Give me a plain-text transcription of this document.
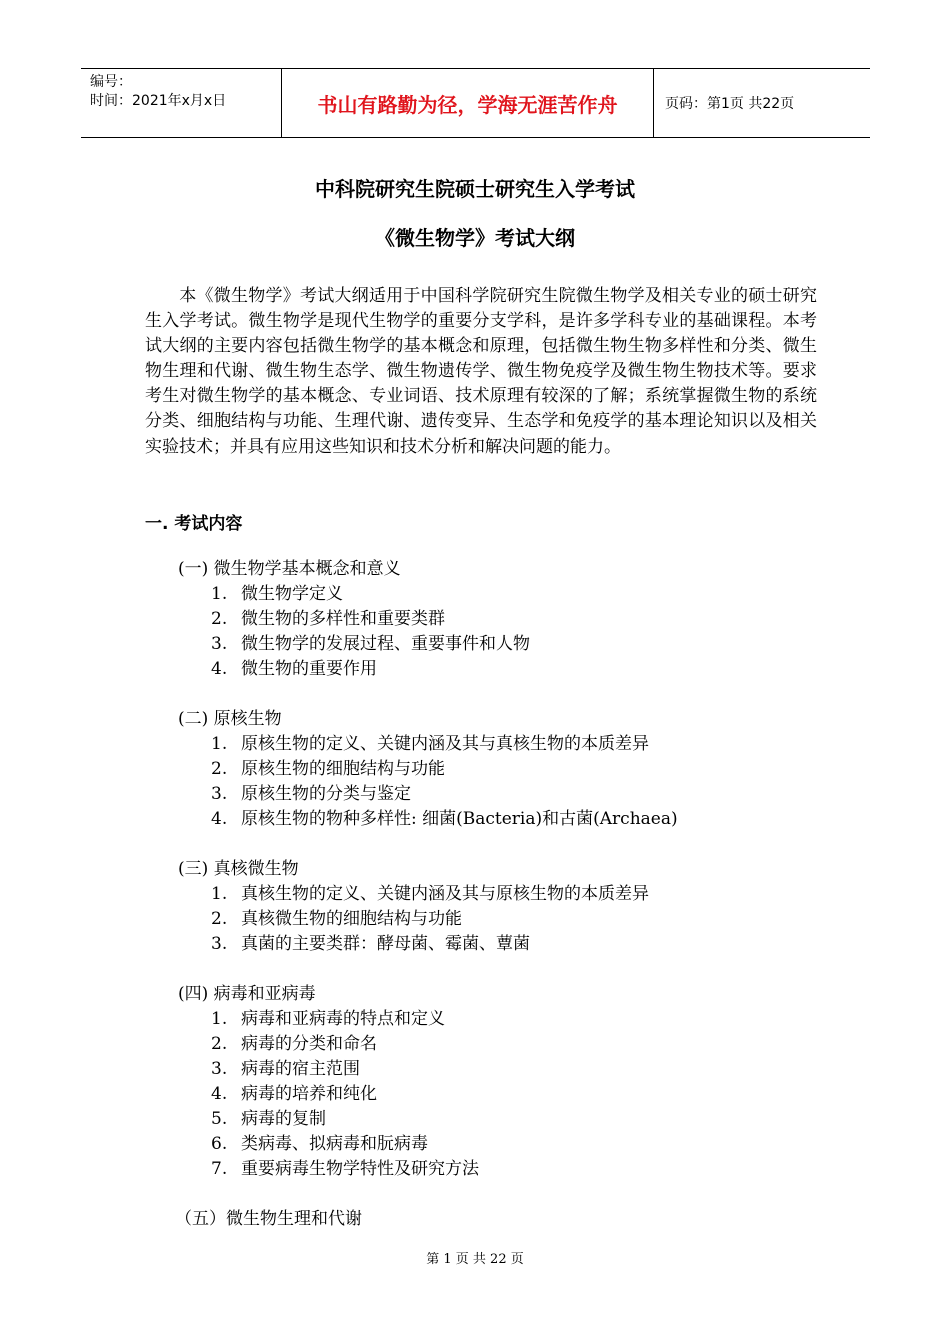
编号：
时间：2021年x月x日	书山有路勤为径，学海无涯苦作舟	页码：第1页 共22页
中科院研究生院硕士研究生入学考试
《微生物学》考试大纲
本《微生物学》考试大纲适用于中国科学院研究生院微生物学及相关专业的硕士研究生入学考试。微生物学是现代生物学的重要分支学科，是许多学科专业的基础课程。本考试大纲的主要内容包括微生物学的基本概念和原理，包括微生物生物多样性和分类、微生物生理和代谢、微生物生态学、微生物遗传学、微生物免疫学及微生物生物技术等。要求考生对微生物学的基本概念、专业词语、技术原理有较深的了解；系统掌握微生物的系统分类、细胞结构与功能、生理代谢、遗传变异、生态学和免疫学的基本理论知识以及相关实验技术；并具有应用这些知识和技术分析和解决问题的能力。
一. 考试内容
(一) 微生物学基本概念和意义
1. 微生物学定义
2. 微生物的多样性和重要类群
3. 微生物学的发展过程、重要事件和人物
4. 微生物的重要作用
(二) 原核生物
1. 原核生物的定义、关键内涵及其与真核生物的本质差异
2. 原核生物的细胞结构与功能
3. 原核生物的分类与鉴定
4. 原核生物的物种多样性: 细菌(Bacteria)和古菌(Archaea)
(三) 真核微生物
1. 真核生物的定义、关键内涵及其与原核生物的本质差异
2. 真核微生物的细胞结构与功能
3. 真菌的主要类群：酵母菌、霉菌、蕈菌
(四) 病毒和亚病毒
1. 病毒和亚病毒的特点和定义
2. 病毒的分类和命名
3. 病毒的宿主范围
4. 病毒的培养和纯化
5. 病毒的复制
6. 类病毒、拟病毒和朊病毒
7. 重要病毒生物学特性及研究方法
（五）微生物生理和代谢
第 1 页 共 22 页
